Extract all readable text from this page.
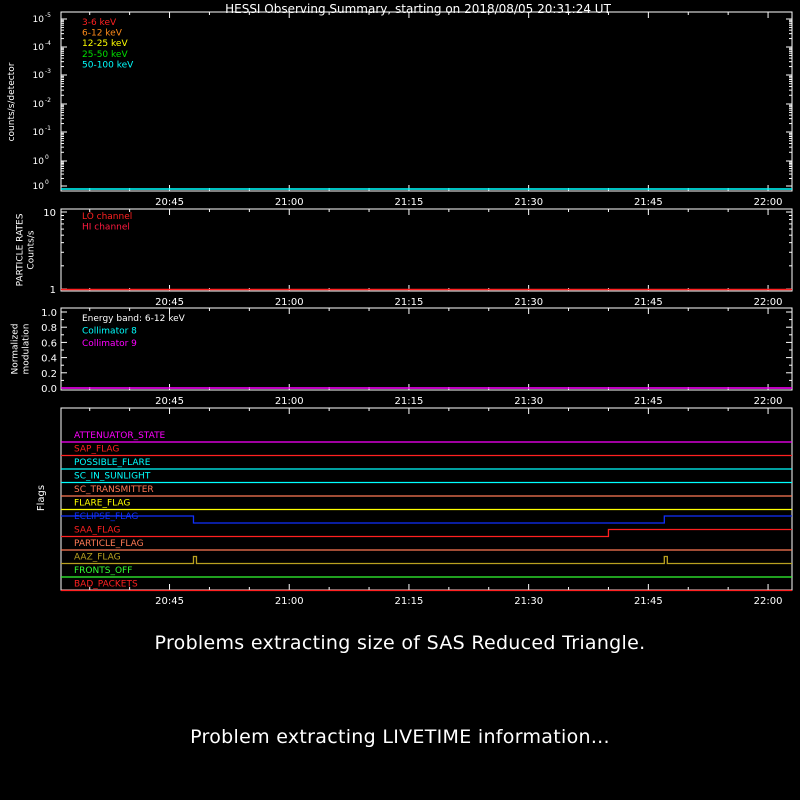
HESSI Observing Summary, starting on 2018/08/05 20:31:24 UT
20:45	21:00	21:15	21:30	21:45	22:00
10 -5
10 -4
10 -3
10 -2
10 -1
10 0
10 0
counts/s/detector
3-6 keV
6-12 keV
12-25 keV
25-50 keV
50-100 keV
20:45	21:00	21:15	21:30	21:45	22:00
10
1
PARTICLE RATES Counts/s
LO channel
HI channel
20:45	21:00	21:15	21:30	21:45	22:00
1.0
0.8
0.6
0.4
0.2
0.0
Normalized modulation
Energy band: 6-12 keV
Collimator 8
Collimator 9
20:45	21:00	21:15	21:30	21:45	22:00
Flags
ATTENUATOR_STATE
SAP_FLAG
POSSIBLE_FLARE
SC_IN_SUNLIGHT
SC_TRANSMITTER
FLARE_FLAG
ECLIPSE_FLAG
SAA_FLAG
PARTICLE_FLAG
AAZ_FLAG
FRONTS_OFF
BAD_PACKETS
Problems extracting size of SAS Reduced Triangle.
Problem extracting LIVETIME information...
